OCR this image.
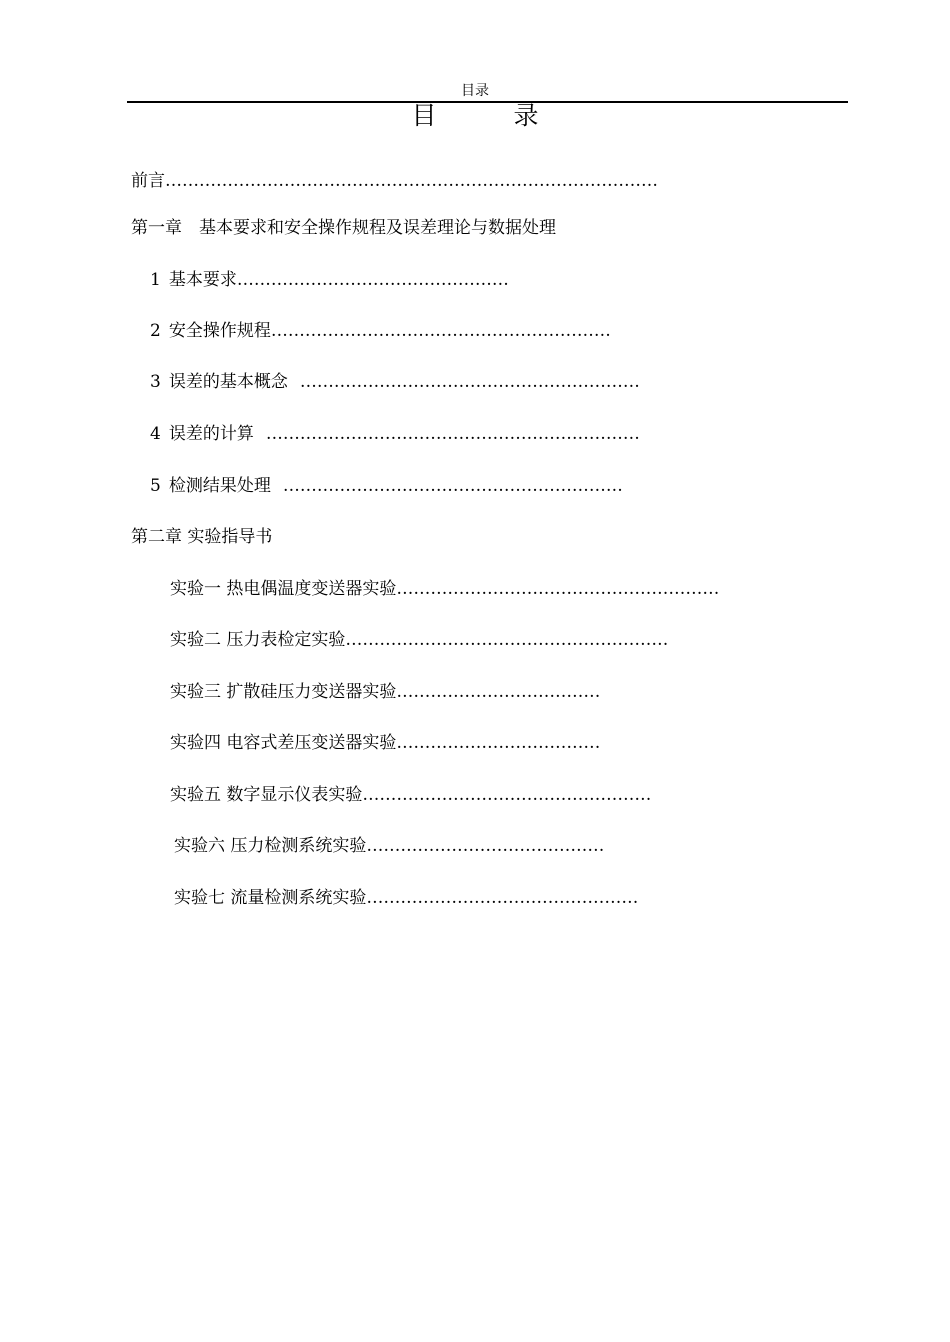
目录
目　录
前言……………………………………………………………………………
第一章　基本要求和安全操作规程及误差理论与数据处理
1 基本要求…………………………………………
2 安全操作规程……………………………………………………
3 误差的基本概念 ……………………………………………………
4 误差的计算 …………………………………………………………
5 检测结果处理 ……………………………………………………
第二章 实验指导书
实验一 热电偶温度变送器实验…………………………………………………
实验二 压力表检定实验…………………………………………………
实验三 扩散硅压力变送器实验………………………………
实验四 电容式差压变送器实验………………………………
实验五 数字显示仪表实验……………………………………………
实验六 压力检测系统实验……………………………………
实验七 流量检测系统实验…………………………………………
